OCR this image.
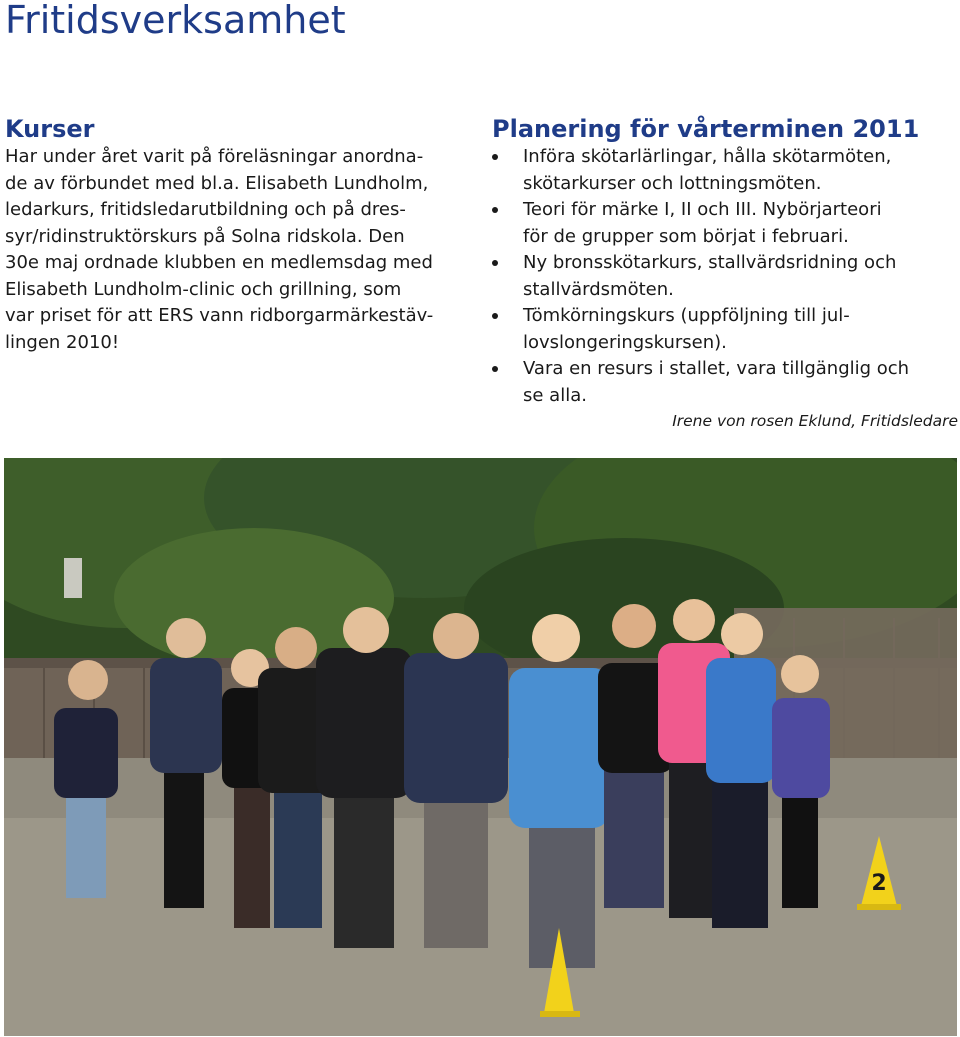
Fritidsverksamhet
Kurser

Har under året varit på föreläsningar anordna-

de av förbundet med bl.a. Elisabeth Lundholm,

ledarkurs, fritidsledarutbildning och på dres-

syr/ridinstruktörskurs på Solna ridskola. Den

30e maj ordnade klubben en medlemsdag med

Elisabeth Lundholm-clinic och grillning, som

var priset för att ERS vann ridborgarmärkestäv-

lingen 2010!

Planering för vårterminen 2011
Införa skötarlärlingar, hålla skötarmöten,
skötarkurser och lottningsmöten.
Teori för märke I, II och III. Nybörjarteori
för de grupper som börjat i februari.
Ny bronsskötarkurs, stallvärdsridning och
stallvärdsmöten.
Tömkörningskurs (uppföljning till jul-
lovslongeringskursen).
Vara en resurs i stallet, vara tillgänglig och
se alla.

Irene von rosen Eklund, Fritidsledare

2
